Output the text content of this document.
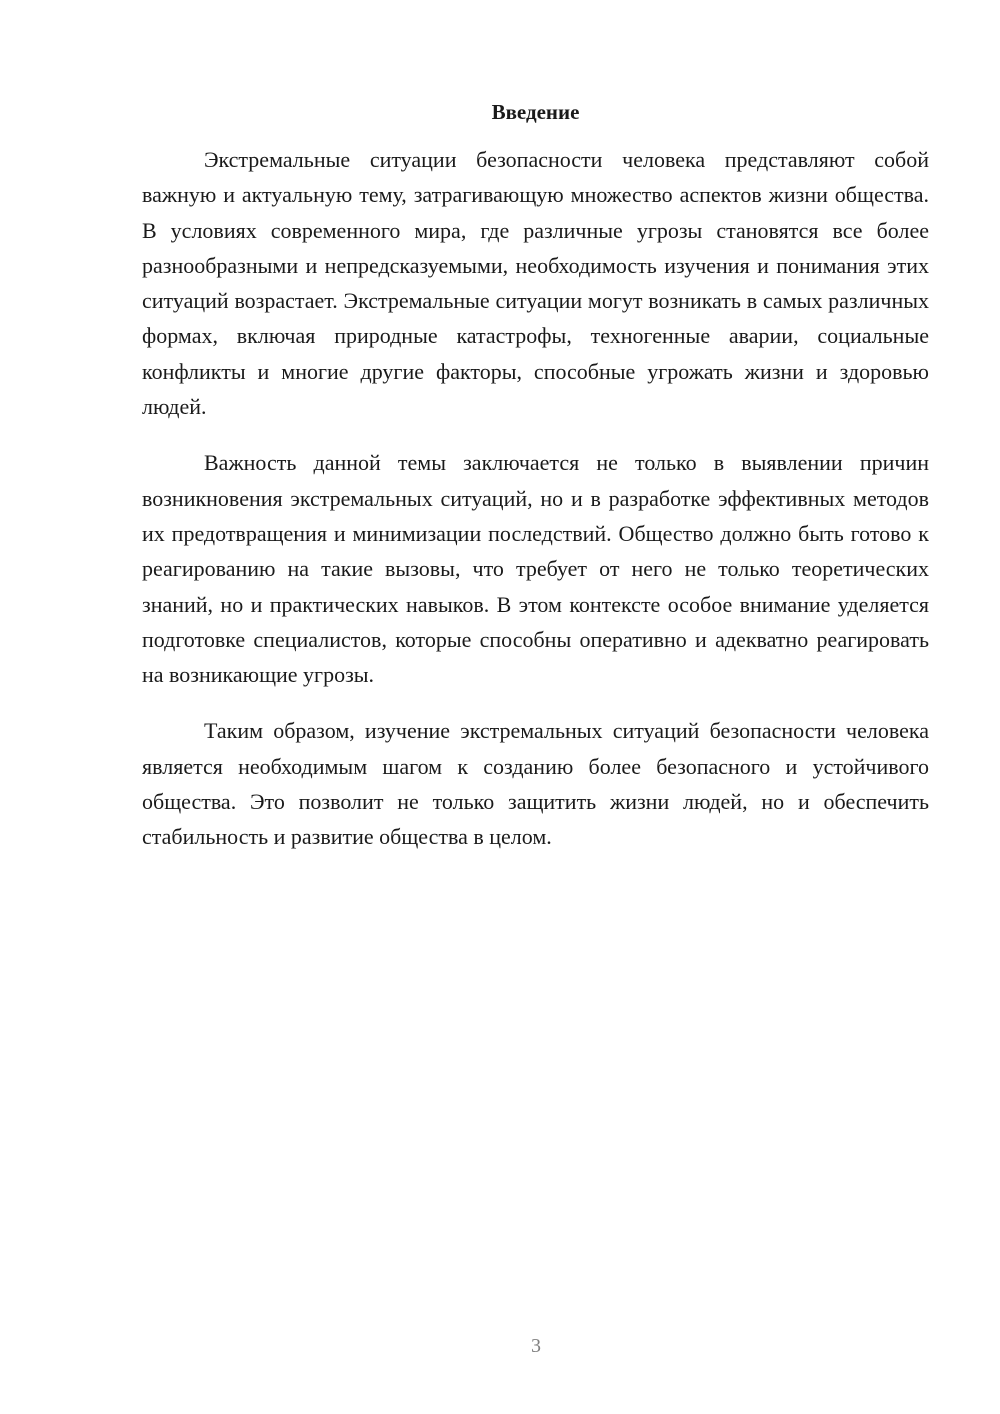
Введение

Экстремальные ситуации безопасности человека представляют собой важную и актуальную тему, затрагивающую множество аспектов жизни общества. В условиях современного мира, где различные угрозы становятся все более разнообразными и непредсказуемыми, необходимость изучения и понимания этих ситуаций возрастает. Экстремальные ситуации могут возникать в самых различных формах, включая природные катастрофы, техногенные аварии, социальные конфликты и многие другие факторы, способные угрожать жизни и здоровью людей.

Важность данной темы заключается не только в выявлении причин возникновения экстремальных ситуаций, но и в разработке эффективных методов их предотвращения и минимизации последствий. Общество должно быть готово к реагированию на такие вызовы, что требует от него не только теоретических знаний, но и практических навыков. В этом контексте особое внимание уделяется подготовке специалистов, которые способны оперативно и адекватно реагировать на возникающие угрозы.

Таким образом, изучение экстремальных ситуаций безопасности человека является необходимым шагом к созданию более безопасного и устойчивого общества. Это позволит не только защитить жизни людей, но и обеспечить стабильность и развитие общества в целом.

3
